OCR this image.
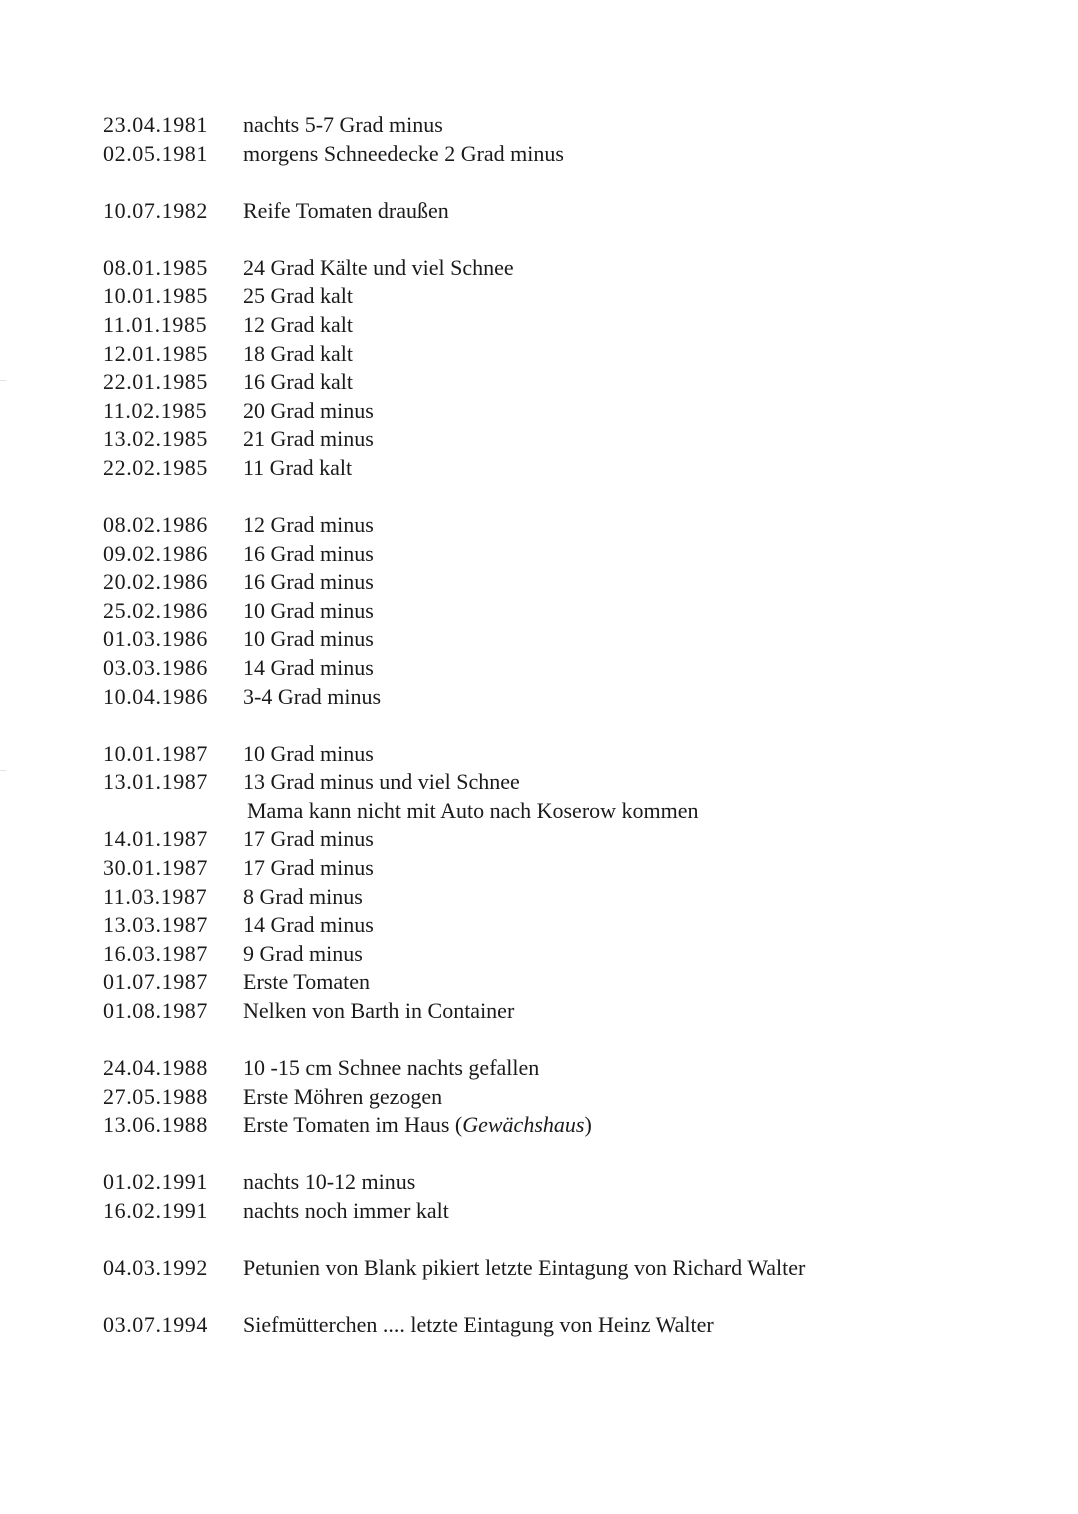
23.04.1981	nachts 5-7 Grad minus
02.05.1981	morgens Schneedecke 2 Grad minus
10.07.1982	Reife Tomaten draußen
08.01.1985	24 Grad Kälte und viel Schnee
10.01.1985	25 Grad kalt
11.01.1985	12 Grad kalt
12.01.1985	18 Grad kalt
22.01.1985	16 Grad kalt
11.02.1985	20 Grad minus
13.02.1985	21 Grad minus
22.02.1985	11 Grad kalt
08.02.1986	12 Grad minus
09.02.1986	16 Grad minus
20.02.1986	16 Grad minus
25.02.1986	10 Grad minus
01.03.1986	10 Grad minus
03.03.1986	14 Grad minus
10.04.1986	3-4 Grad minus
10.01.1987	10 Grad minus
13.01.1987	13 Grad minus und viel Schnee
Mama kann nicht mit Auto nach Koserow kommen
14.01.1987	17 Grad minus
30.01.1987	17 Grad minus
11.03.1987	8 Grad minus
13.03.1987	14 Grad minus
16.03.1987	9 Grad minus
01.07.1987	Erste Tomaten
01.08.1987	Nelken von Barth in Container
24.04.1988	10 -15 cm Schnee nachts gefallen
27.05.1988	Erste Möhren gezogen
13.06.1988	Erste Tomaten im Haus (Gewächshaus)
01.02.1991	nachts 10-12 minus
16.02.1991	nachts noch immer kalt
04.03.1992	Petunien von Blank pikiert letzte Eintagung von Richard Walter
03.07.1994	Siefmütterchen .... letzte Eintagung von Heinz Walter
